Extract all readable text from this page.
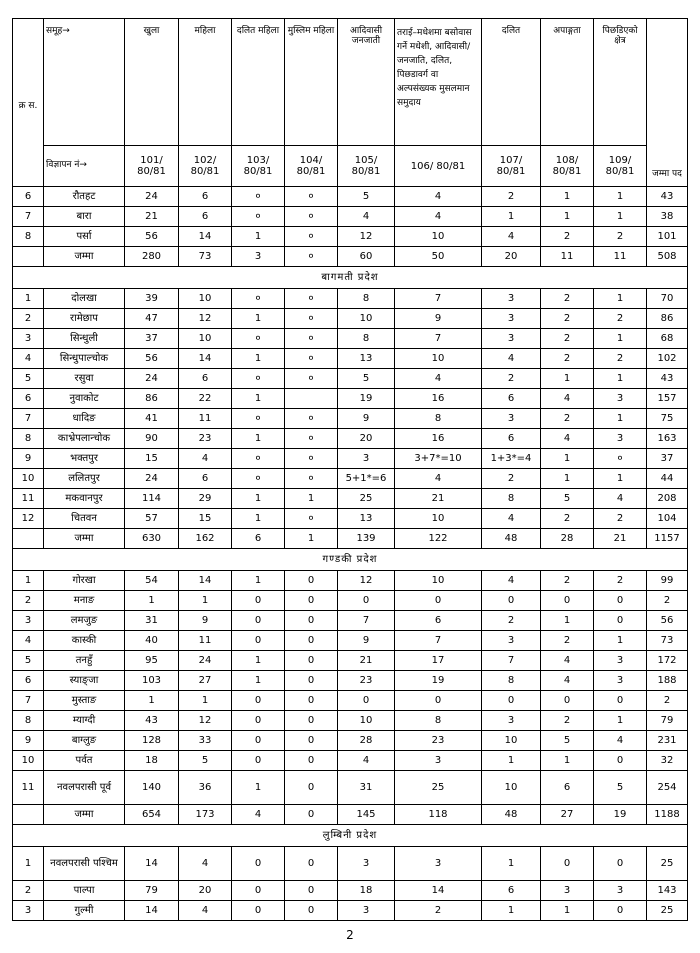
क्र स.	समूह→	खुला	महिला	दलित महिला	मुस्लिम महिला	आदिवासी जनजाती	तराई–मधेशमा बसोवास गर्ने मधेशी, आदिवासी/जनजाति, दलित, पिछडावर्ग वा अल्पसंख्यक मुसलमान समुदाय	दलित	अपाङ्गता	पिछडिएको क्षेत्र	जम्मा पद
	विज्ञापन नं→	101/ 80/81	102/ 80/81	103/ 80/81	104/ 80/81	105/ 80/81	106/ 80/81	107/ 80/81	108/ 80/81	109/ 80/81	
6	रौतहट	24	6	०	०	5	4	2	1	1	43
7	बारा	21	6	०	०	4	4	1	1	1	38
8	पर्सा	56	14	1	०	12	10	4	2	2	101
	जम्मा	280	73	3	०	60	50	20	11	11	508
बागमती प्रदेश											
1	दोलखा	39	10	०	०	8	7	3	2	1	70
2	रामेछाप	47	12	1	०	10	9	3	2	2	86
3	सिन्धुली	37	10	०	०	8	7	3	2	1	68
4	सिन्धुपाल्चोक	56	14	1	०	13	10	4	2	2	102
5	रसुवा	24	6	०	०	5	4	2	1	1	43
6	नुवाकोट	86	22	1		19	16	6	4	3	157
7	धादिङ	41	11	०	०	9	8	3	2	1	75
8	काभ्रेपलान्चोक	90	23	1	०	20	16	6	4	3	163
9	भक्तपुर	15	4	०	०	3	3+7*=10	1+3*=4	1	०	37
10	ललितपुर	24	6	०	०	5+1*=6	4	2	1	1	44
11	मकवानपुर	114	29	1	1	25	21	8	5	4	208
12	चितवन	57	15	1	०	13	10	4	2	2	104
	जम्मा	630	162	6	1	139	122	48	28	21	1157
गण्डकी प्रदेश											
1	गोरखा	54	14	1	0	12	10	4	2	2	99
2	मनाङ	1	1	0	0	0	0	0	0	0	2
3	लमजुङ	31	9	0	0	7	6	2	1	0	56
4	कास्की	40	11	0	0	9	7	3	2	1	73
5	तनहुँ	95	24	1	0	21	17	7	4	3	172
6	स्याङ्जा	103	27	1	0	23	19	8	4	3	188
7	मुस्ताङ	1	1	0	0	0	0	0	0	0	2
8	म्याग्दी	43	12	0	0	10	8	3	2	1	79
9	बाग्लुङ	128	33	0	0	28	23	10	5	4	231
10	पर्वत	18	5	0	0	4	3	1	1	0	32
11	नवलपरासी पूर्व	140	36	1	0	31	25	10	6	5	254
	जम्मा	654	173	4	0	145	118	48	27	19	1188
लुम्बिनी प्रदेश											
1	नवलपरासी पश्चिम	14	4	0	0	3	3	1	0	0	25
2	पाल्पा	79	20	0	0	18	14	6	3	3	143
3	गुल्मी	14	4	0	0	3	2	1	1	0	25
2
